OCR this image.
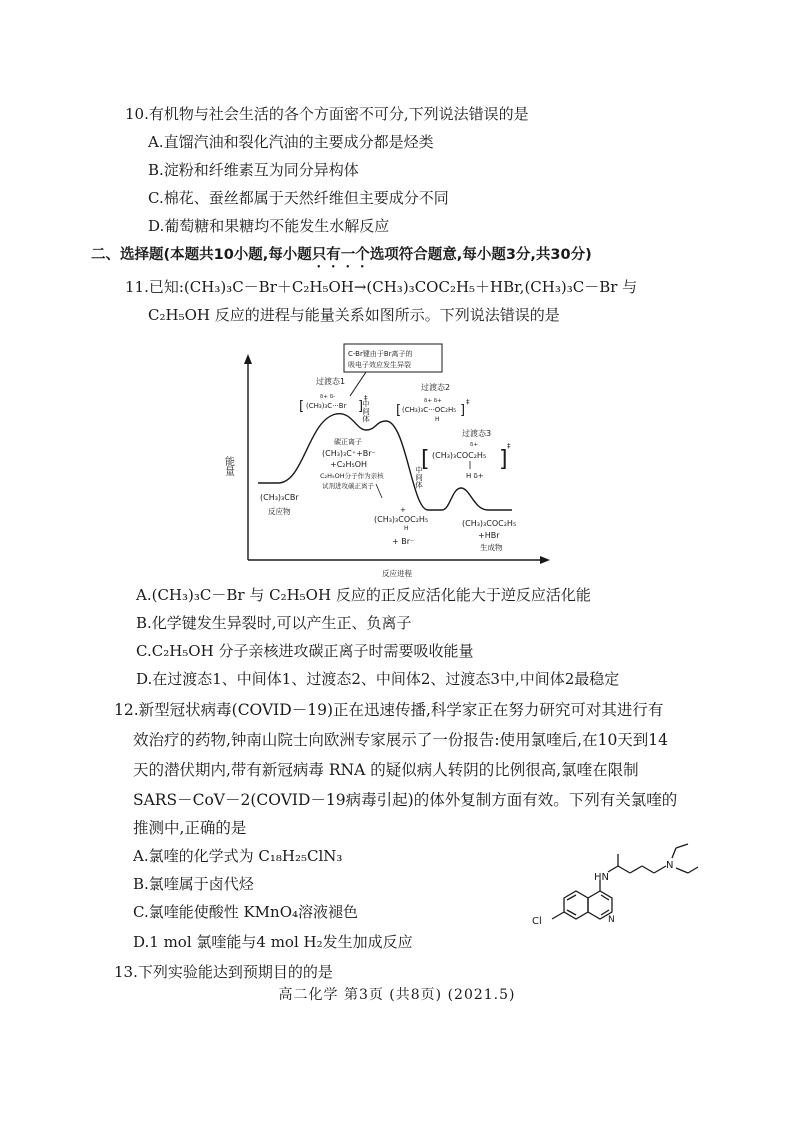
10.有机物与社会生活的各个方面密不可分,下列说法错误的是
A.直馏汽油和裂化汽油的主要成分都是烃类
B.淀粉和纤维素互为同分异构体
C.棉花、蚕丝都属于天然纤维但主要成分不同
D.葡萄糖和果糖均不能发生水解反应
二、选择题(本题共10小题,每小题只有一个选项符合题意,每小题3分,共30分)
11.已知:(CH₃)₃C－Br＋C₂H₅OH→(CH₃)₃COC₂H₅＋HBr,(CH₃)₃C－Br 与
C₂H₅OH 反应的进程与能量关系如图所示。下列说法错误的是
C-Br键由于Br离子的
吸电子效应发生异裂
过渡态1
δ+ δ-
[ (CH₃)₃C···Br ]
‡
中间体
碳正离子
(CH₃)₃C⁺+Br⁻
+C₂H₅OH
C₂H₅OH分子作为亲核
试剂进攻碳正离子
过渡态2
δ+ δ+
[ (CH₃)₃C···OC₂H₅
H
]
‡
过渡态3
δ+
[ (CH₃)₃COC₂H₅
H δ+
]
‡
中间体
+
(CH₃)₃COC₂H₅
H
+ Br⁻
(CH₃)₃CBr
反应物
(CH₃)₃COC₂H₅
+HBr
生成物
能量
反应进程
A.(CH₃)₃C－Br 与 C₂H₅OH 反应的正反应活化能大于逆反应活化能
B.化学键发生异裂时,可以产生正、负离子
C.C₂H₅OH 分子亲核进攻碳正离子时需要吸收能量
D.在过渡态1、中间体1、过渡态2、中间体2、过渡态3中,中间体2最稳定
12.新型冠状病毒(COVID－19)正在迅速传播,科学家正在努力研究可对其进行有
效治疗的药物,钟南山院士向欧洲专家展示了一份报告:使用氯喹后,在10天到14
天的潜伏期内,带有新冠病毒 RNA 的疑似病人转阴的比例很高,氯喹在限制
SARS－CoV－2(COVID－19病毒引起)的体外复制方面有效。下列有关氯喹的
推测中,正确的是
A.氯喹的化学式为 C₁₈H₂₅ClN₃
B.氯喹属于卤代烃
C.氯喹能使酸性 KMnO₄溶液褪色
D.1 mol 氯喹能与4 mol H₂发生加成反应
HN
N
Cl	N
13.下列实验能达到预期目的的是
高二化学 第3页 (共8页) (2021.5)
